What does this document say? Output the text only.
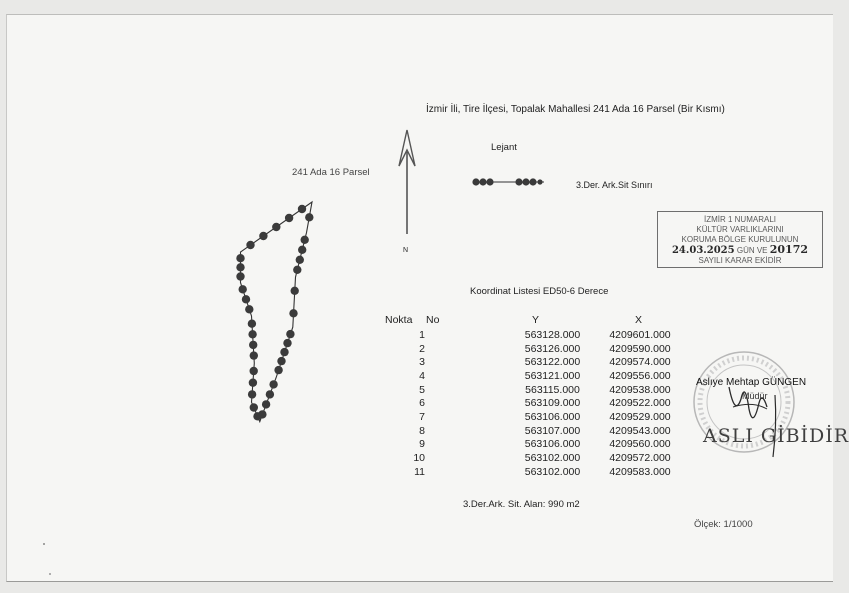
İzmir İli, Tire İlçesi, Topalak Mahallesi 241 Ada 16 Parsel (Bir Kısmı)
241 Ada 16 Parsel
N
Lejant
3.Der. Ark.Sit Sınırı
Koordinat Listesi ED50-6 Derece
Nokta No	Y	X
1	563128.000	4209601.000
2	563126.000	4209590.000
3	563122.000	4209574.000
4	563121.000	4209556.000
5	563115.000	4209538.000
6	563109.000	4209522.000
7	563106.000	4209529.000
8	563107.000	4209543.000
9	563106.000	4209560.000
10	563102.000	4209572.000
11	563102.000	4209583.000
3.Der.Ark. Sit. Alan: 990 m2
Ölçek: 1/1000
İZMİR 1 NUMARALI
KÜLTÜR VARLIKLARINI
KORUMA BÖLGE KURULUNUN
24.03.2025 GÜN VE 20172
SAYILI KARAR EKİDİR
Aslıye Mehtap GÜNGEN
Müdür
ASLI GİBİDİR
